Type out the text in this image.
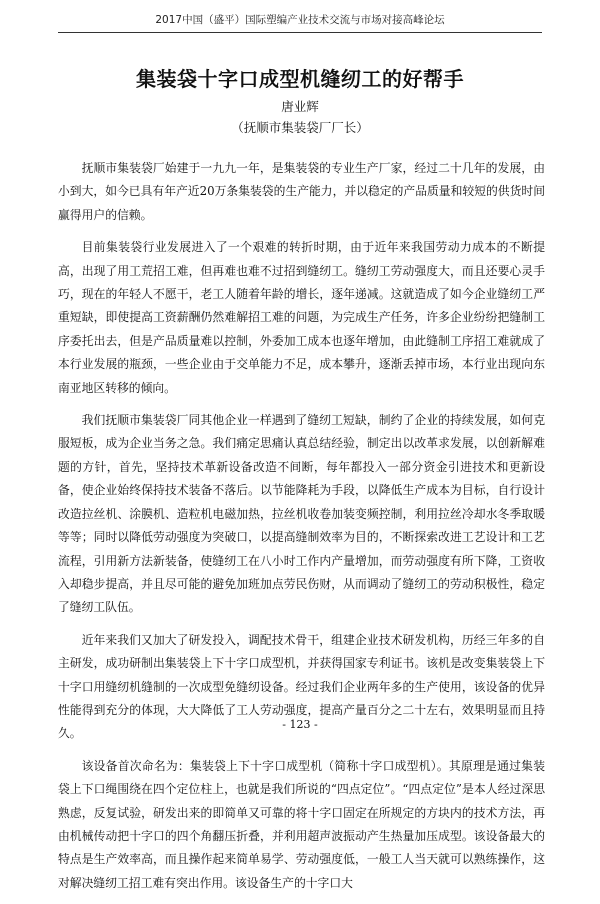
2017中国（盛平）国际塑编产业技术交流与市场对接高峰论坛
集装袋十字口成型机缝纫工的好帮手
唐业辉
（抚顺市集装袋厂厂长）

抚顺市集装袋厂始建于一九九一年，是集装袋的专业生产厂家，经过二十几年的发展，由小到大，如今已具有年产近20万条集装袋的生产能力，并以稳定的产品质量和较短的供货时间赢得用户的信赖。

目前集装袋行业发展进入了一个艰难的转折时期，由于近年来我国劳动力成本的不断提高，出现了用工荒招工难，但再难也难不过招到缝纫工。缝纫工劳动强度大，而且还要心灵手巧，现在的年轻人不愿干，老工人随着年龄的增长，逐年递减。这就造成了如今企业缝纫工严重短缺，即使提高工资薪酬仍然难解招工难的问题，为完成生产任务，许多企业纷纷把缝制工序委托出去，但是产品质量难以控制，外委加工成本也逐年增加，由此缝制工序招工难就成了本行业发展的瓶颈，一些企业由于交单能力不足，成本攀升，逐渐丢掉市场，本行业出现向东南亚地区转移的倾向。

我们抚顺市集装袋厂同其他企业一样遇到了缝纫工短缺，制约了企业的持续发展，如何克服短板，成为企业当务之急。我们痛定思痛认真总结经验，制定出以改革求发展，以创新解难题的方针，首先，坚持技术革新设备改造不间断，每年都投入一部分资金引进技术和更新设备，使企业始终保持技术装备不落后。以节能降耗为手段，以降低生产成本为目标，自行设计改造拉丝机、涂膜机、造粒机电磁加热，拉丝机收卷加装变频控制，利用拉丝冷却水冬季取暖等等；同时以降低劳动强度为突破口，以提高缝制效率为目的，不断探索改进工艺设计和工艺流程，引用新方法新装备，使缝纫工在八小时工作内产量增加，而劳动强度有所下降，工资收入却稳步提高，并且尽可能的避免加班加点劳民伤财，从而调动了缝纫工的劳动积极性，稳定了缝纫工队伍。

近年来我们又加大了研发投入，调配技术骨干，组建企业技术研发机构，历经三年多的自主研发，成功研制出集装袋上下十字口成型机，并获得国家专利证书。该机是改变集装袋上下十字口用缝纫机缝制的一次成型免缝纫设备。经过我们企业两年多的生产使用，该设备的优异性能得到充分的体现，大大降低了工人劳动强度，提高产量百分之二十左右，效果明显而且持久。

该设备首次命名为：集装袋上下十字口成型机（简称十字口成型机）。其原理是通过集装袋上下口绳围绕在四个定位柱上，也就是我们所说的“四点定位”。“四点定位”是本人经过深思熟虑，反复试验，研发出来的即简单又可靠的将十字口固定在所规定的方块内的技术方法，再由机械传动把十字口的四个角翻压折叠，并利用超声波振动产生热量加压成型。该设备最大的特点是生产效率高，而且操作起来简单易学、劳动强度低，一般工人当天就可以熟练操作，这对解决缝纫工招工难有突出作用。该设备生产的十字口大

- 123 -
